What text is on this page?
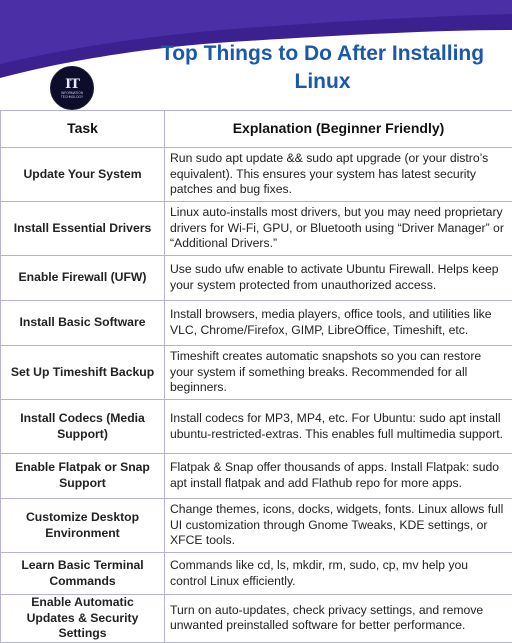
IT
INFORMATION TECHNOLOGY
Top Things to Do After Installing Linux
Task	Explanation (Beginner Friendly)
Update Your System	Run sudo apt update && sudo apt upgrade (or your distro’s equivalent). This ensures your system has latest security patches and bug fixes.
Install Essential Drivers	Linux auto-installs most drivers, but you may need proprietary drivers for Wi-Fi, GPU, or Bluetooth using “Driver Manager” or “Additional Drivers.”
Enable Firewall (UFW)	Use sudo ufw enable to activate Ubuntu Firewall. Helps keep your system protected from unauthorized access.
Install Basic Software	Install browsers, media players, office tools, and utilities like VLC, Chrome/Firefox, GIMP, LibreOffice, Timeshift, etc.
Set Up Timeshift Backup	Timeshift creates automatic snapshots so you can restore your system if something breaks. Recommended for all beginners.
Install Codecs (Media Support)	Install codecs for MP3, MP4, etc. For Ubuntu: sudo apt install ubuntu-restricted-extras. This enables full multimedia support.
Enable Flatpak or Snap Support	Flatpak & Snap offer thousands of apps. Install Flatpak: sudo apt install flatpak and add Flathub repo for more apps.
Customize Desktop Environment	Change themes, icons, docks, widgets, fonts. Linux allows full UI customization through Gnome Tweaks, KDE settings, or XFCE tools.
Learn Basic Terminal Commands	Commands like cd, ls, mkdir, rm, sudo, cp, mv help you control Linux efficiently.
Enable Automatic Updates & Security Settings	Turn on auto-updates, check privacy settings, and remove unwanted preinstalled software for better performance.
